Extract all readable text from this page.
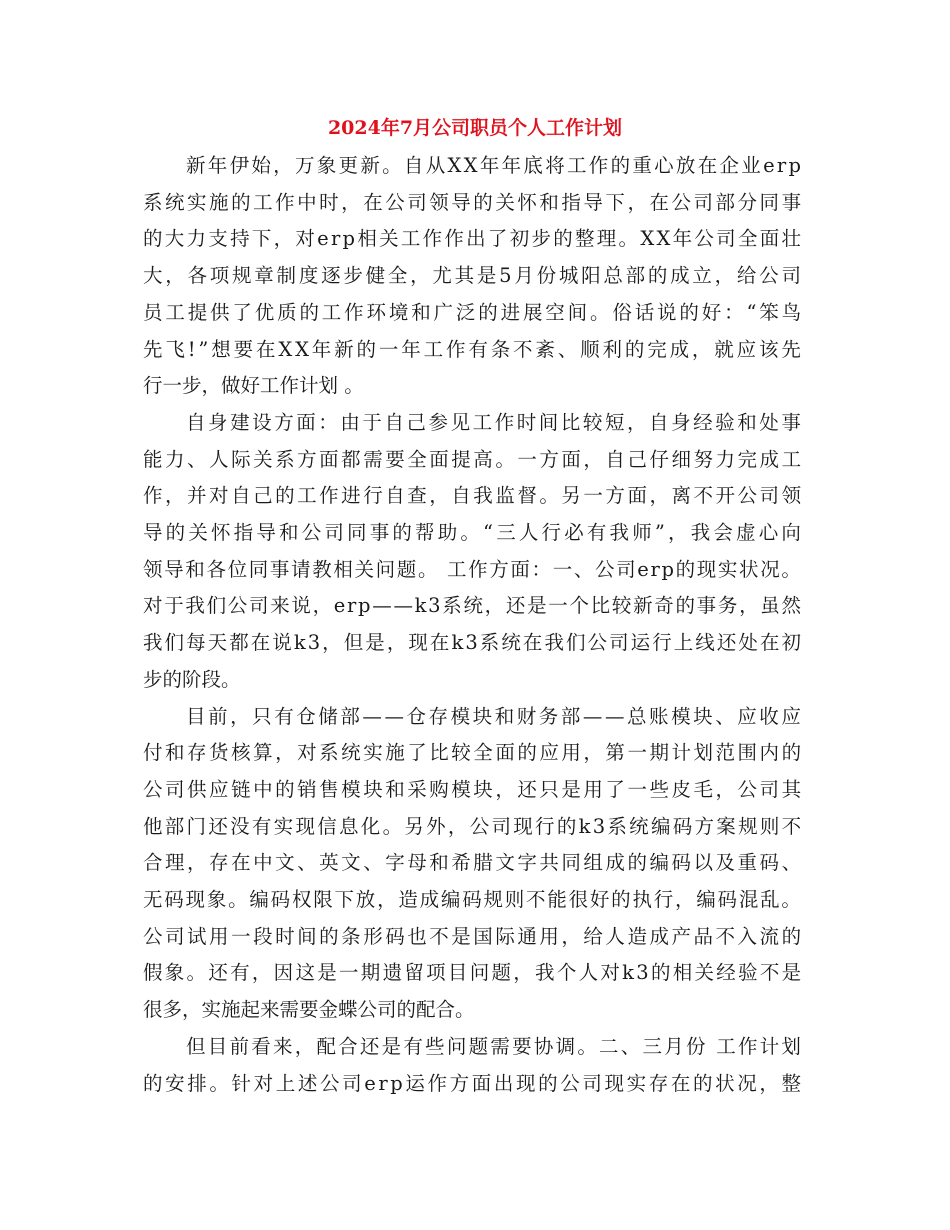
2024年7月公司职员个人工作计划

新年伊始，万象更新。自从XX年年底将工作的重心放在企业erp

系统实施的工作中时，在公司领导的关怀和指导下，在公司部分同事

的大力支持下，对erp相关工作作出了初步的整理。XX年公司全面壮

大，各项规章制度逐步健全，尤其是5月份城阳总部的成立，给公司

员工提供了优质的工作环境和广泛的进展空间。俗话说的好：“笨鸟

先飞!”想要在XX年新的一年工作有条不紊、顺利的完成，就应该先

行一步，做好工作计划 。

自身建设方面：由于自己参见工作时间比较短，自身经验和处事

能力、人际关系方面都需要全面提高。一方面，自己仔细努力完成工

作，并对自己的工作进行自查，自我监督。另一方面，离不开公司领

导的关怀指导和公司同事的帮助。“三人行必有我师”，我会虚心向

领导和各位同事请教相关问题。 工作方面：一、公司erp的现实状况。

对于我们公司来说，erp——k3系统，还是一个比较新奇的事务，虽然

我们每天都在说k3，但是，现在k3系统在我们公司运行上线还处在初

步的阶段。

目前，只有仓储部——仓存模块和财务部——总账模块、应收应

付和存货核算，对系统实施了比较全面的应用，第一期计划范围内的

公司供应链中的销售模块和采购模块，还只是用了一些皮毛，公司其

他部门还没有实现信息化。另外，公司现行的k3系统编码方案规则不

合理，存在中文、英文、字母和希腊文字共同组成的编码以及重码、

无码现象。编码权限下放，造成编码规则不能很好的执行，编码混乱。

公司试用一段时间的条形码也不是国际通用，给人造成产品不入流的

假象。还有，因这是一期遗留项目问题，我个人对k3的相关经验不是

很多，实施起来需要金蝶公司的配合。

但目前看来，配合还是有些问题需要协调。二、三月份 工作计划

的安排。针对上述公司erp运作方面出现的公司现实存在的状况，整
